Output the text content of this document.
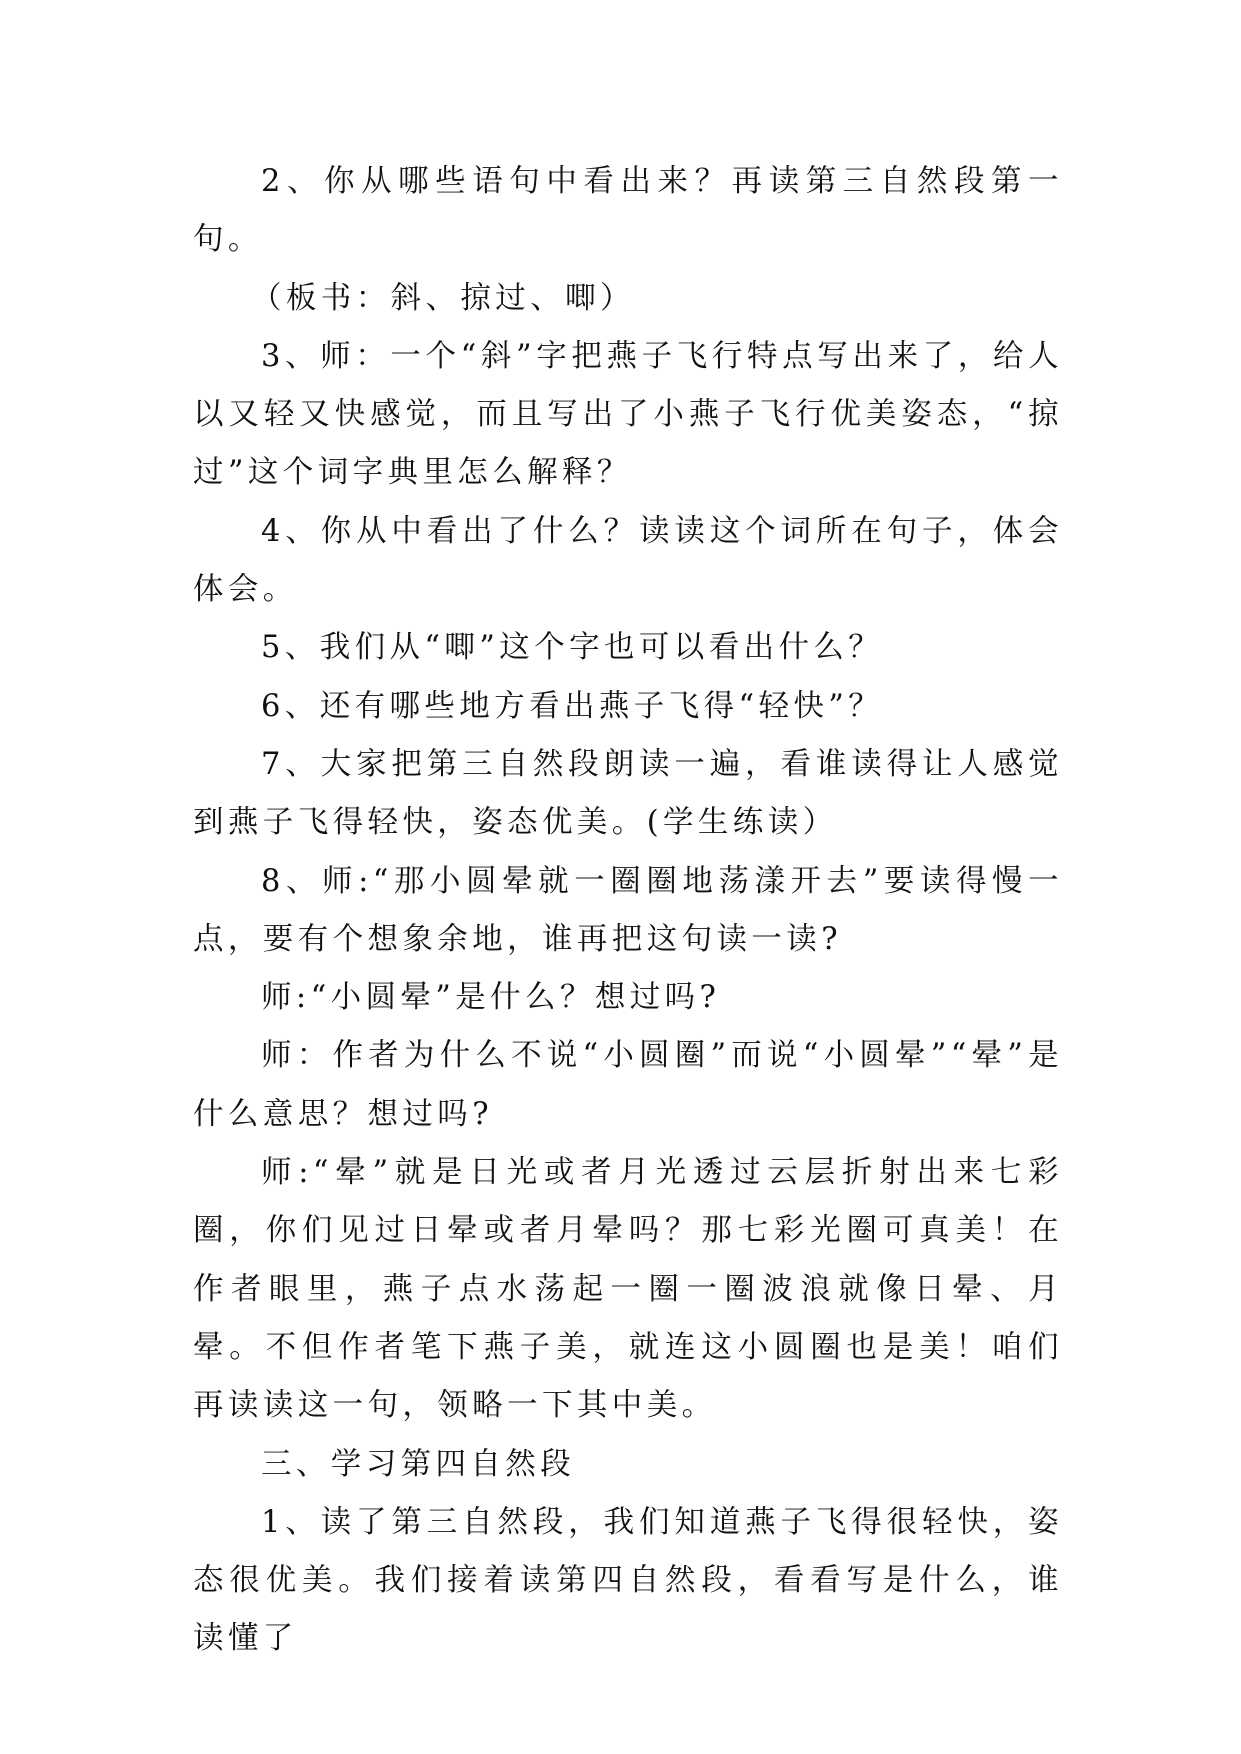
2、你从哪些语句中看出来？再读第三自然段第一句。

（板书：斜、掠过、唧）

3、师：一个“斜”字把燕子飞行特点写出来了，给人以又轻又快感觉，而且写出了小燕子飞行优美姿态，“掠过”这个词字典里怎么解释？

4、你从中看出了什么？读读这个词所在句子，体会体会。

5、我们从“唧”这个字也可以看出什么？

6、还有哪些地方看出燕子飞得“轻快”？

7、大家把第三自然段朗读一遍，看谁读得让人感觉到燕子飞得轻快，姿态优美。(学生练读）

8、师:“那小圆晕就一圈圈地荡漾开去”要读得慢一点，要有个想象余地，谁再把这句读一读?

师:“小圆晕”是什么？想过吗?

师：作者为什么不说“小圆圈”而说“小圆晕”“晕”是什么意思？想过吗?

师:“晕”就是日光或者月光透过云层折射出来七彩圈，你们见过日晕或者月晕吗？那七彩光圈可真美！在作者眼里，燕子点水荡起一圈一圈波浪就像日晕、月晕。不但作者笔下燕子美，就连这小圆圈也是美！咱们再读读这一句，领略一下其中美。

三、学习第四自然段

1、读了第三自然段，我们知道燕子飞得很轻快，姿态很优美。我们接着读第四自然段，看看写是什么，谁读懂了
